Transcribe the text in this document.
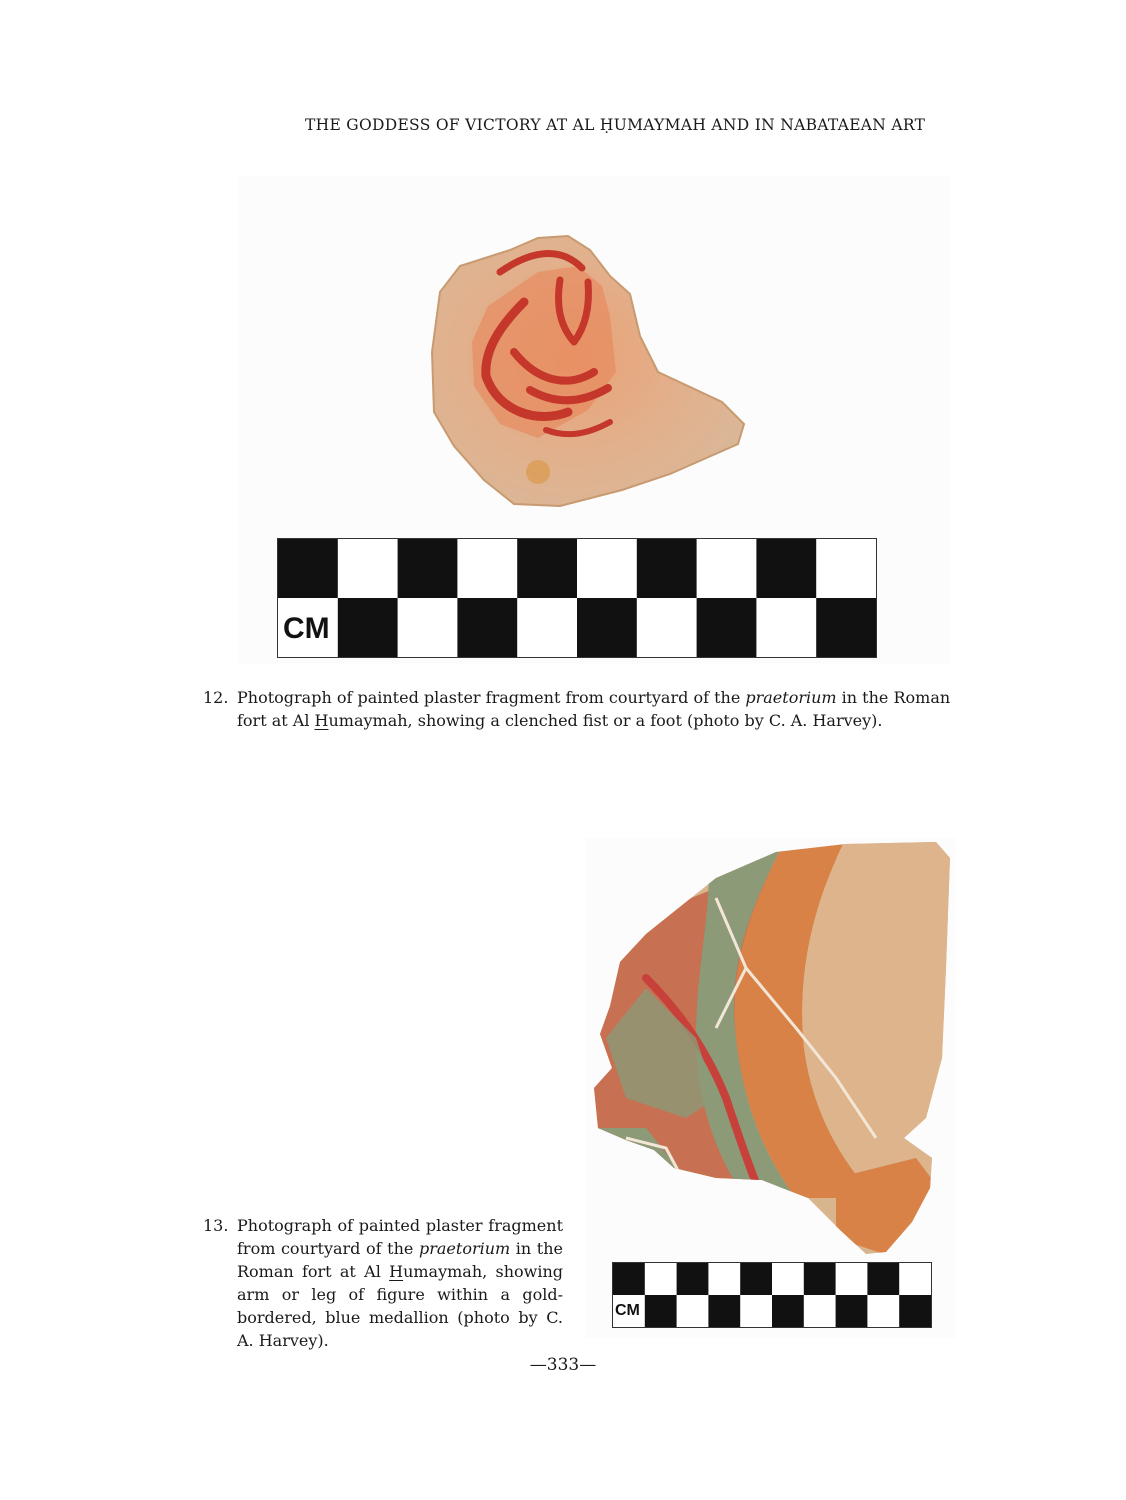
THE GODDESS OF VICTORY AT AL ḤUMAYMAH AND IN NABATAEAN ART
CM
12. Photograph of painted plaster fragment from courtyard of the praetorium in the Roman fort at Al Humaymah, showing a clenched fist or a foot (photo by C. A. Harvey).
CM
13. Photograph of painted plaster fragment from courtyard of the praetorium in the Roman fort at Al Humaymah, showing arm or leg of figure within a gold-bordered, blue medallion (photo by C. A. Harvey).
—333—
